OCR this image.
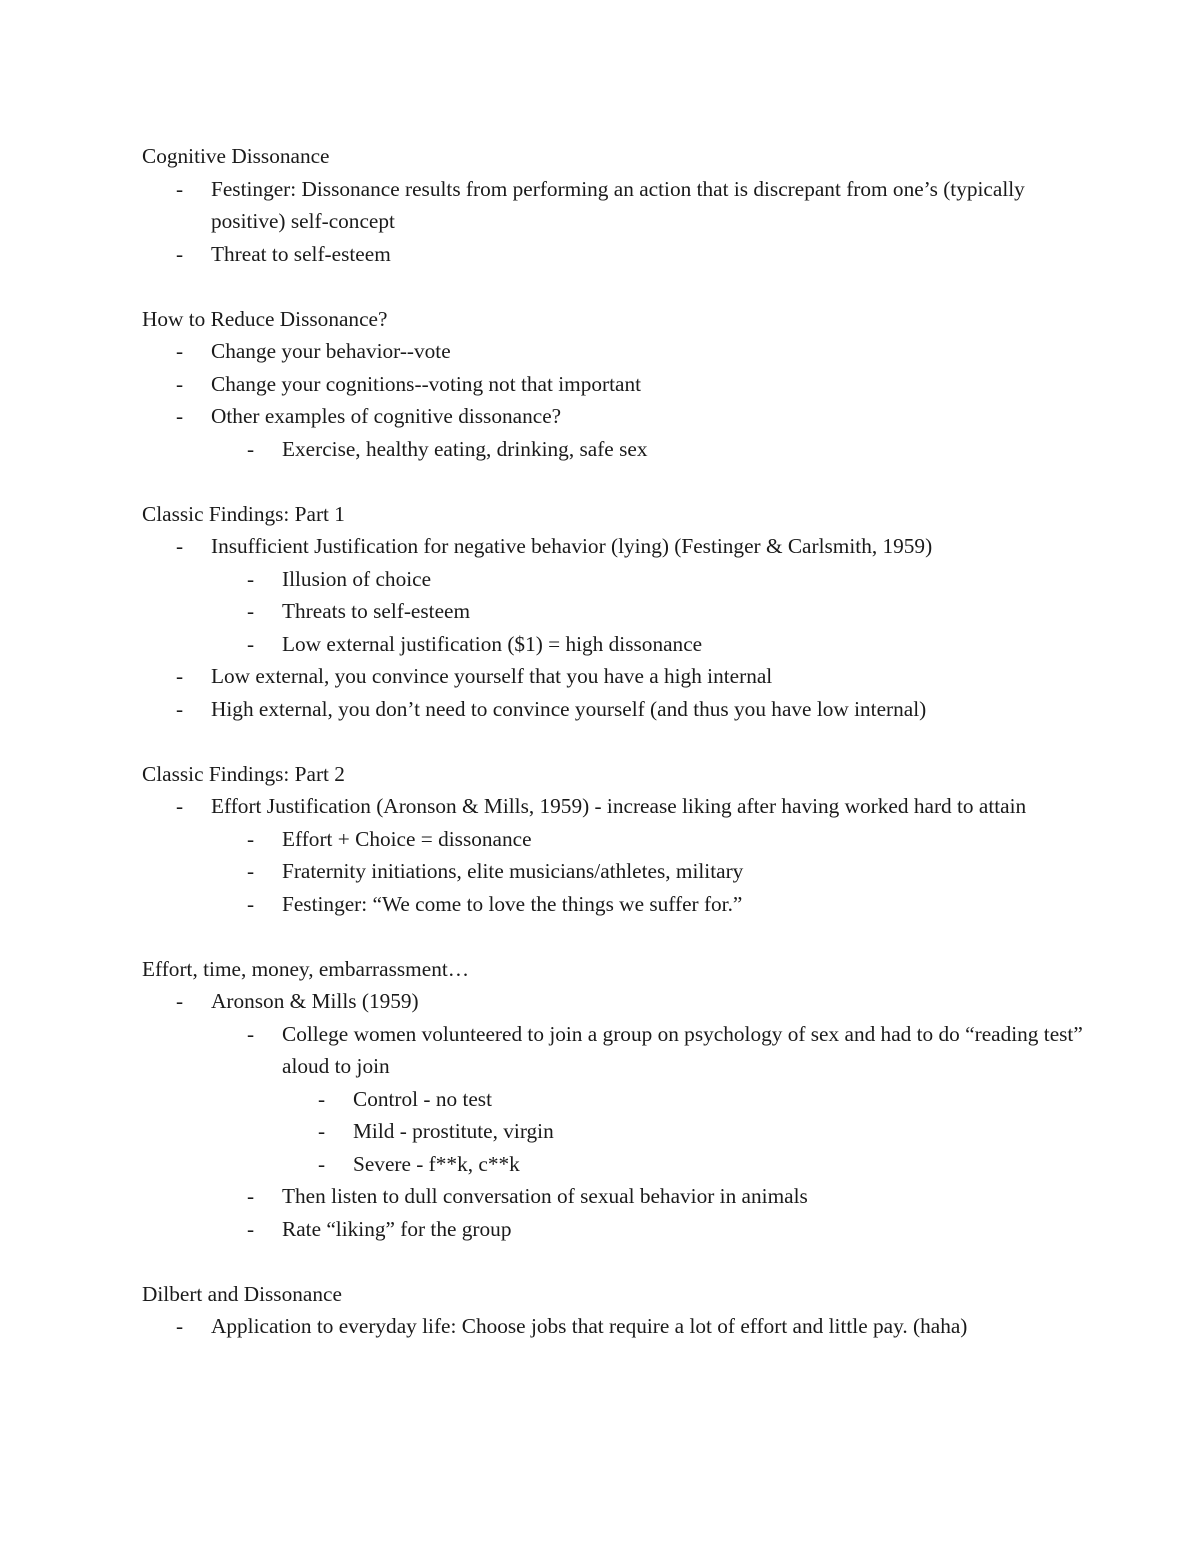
Cognitive Dissonance

- Festinger: Dissonance results from performing an action that is discrepant from one’s (typically positive) self-concept
- Threat to self-esteem

How to Reduce Dissonance?

- Change your behavior--vote
- Change your cognitions--voting not that important
- Other examples of cognitive dissonance?
- Exercise, healthy eating, drinking, safe sex

Classic Findings: Part 1

- Insufficient Justification for negative behavior (lying) (Festinger & Carlsmith, 1959)
- Illusion of choice
- Threats to self-esteem
- Low external justification ($1) = high dissonance
- Low external, you convince yourself that you have a high internal
- High external, you don’t need to convince yourself (and thus you have low internal)

Classic Findings: Part 2

- Effort Justification (Aronson & Mills, 1959) - increase liking after having worked hard to attain
- Effort + Choice = dissonance
- Fraternity initiations, elite musicians/athletes, military
- Festinger: “We come to love the things we suffer for.”

Effort, time, money, embarrassment…

- Aronson & Mills (1959)
- College women volunteered to join a group on psychology of sex and had to do “reading test” aloud to join
- Control - no test
- Mild - prostitute, virgin
- Severe - f**k, c**k
- Then listen to dull conversation of sexual behavior in animals
- Rate “liking” for the group

Dilbert and Dissonance

- Application to everyday life: Choose jobs that require a lot of effort and little pay. (haha)
